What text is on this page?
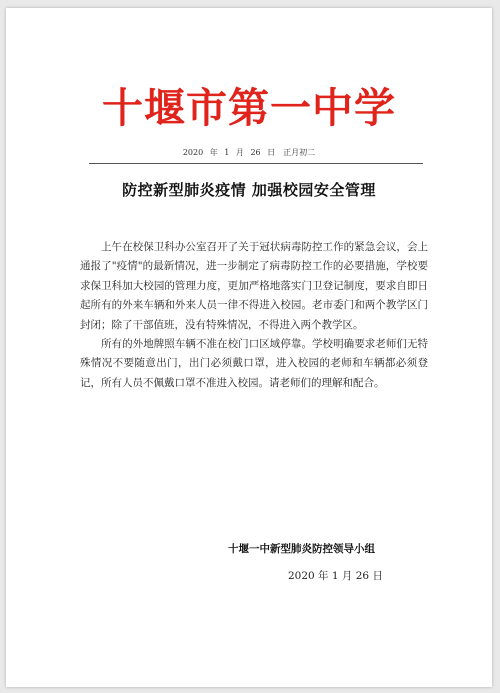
十堰市第一中学
2020 年 1 月 26 日　正月初二
防控新型肺炎疫情 加强校园安全管理

上午在校保卫科办公室召开了关于冠状病毒防控工作的紧急会议，会上通报了"疫情"的最新情况，进一步制定了病毒防控工作的必要措施，学校要求保卫科加大校园的管理力度，更加严格地落实门卫登记制度，要求自即日起所有的外来车辆和外来人员一律不得进入校园。老市委门和两个教学区门封闭；除了干部值班，没有特殊情况，不得进入两个教学区。

所有的外地牌照车辆不准在校门口区域停靠。学校明确要求老师们无特殊情况不要随意出门，出门必须戴口罩，进入校园的老师和车辆都必须登记，所有人员不佩戴口罩不准进入校园。请老师们的理解和配合。

十堰一中新型肺炎防控领导小组
2020 年 1 月 26 日
